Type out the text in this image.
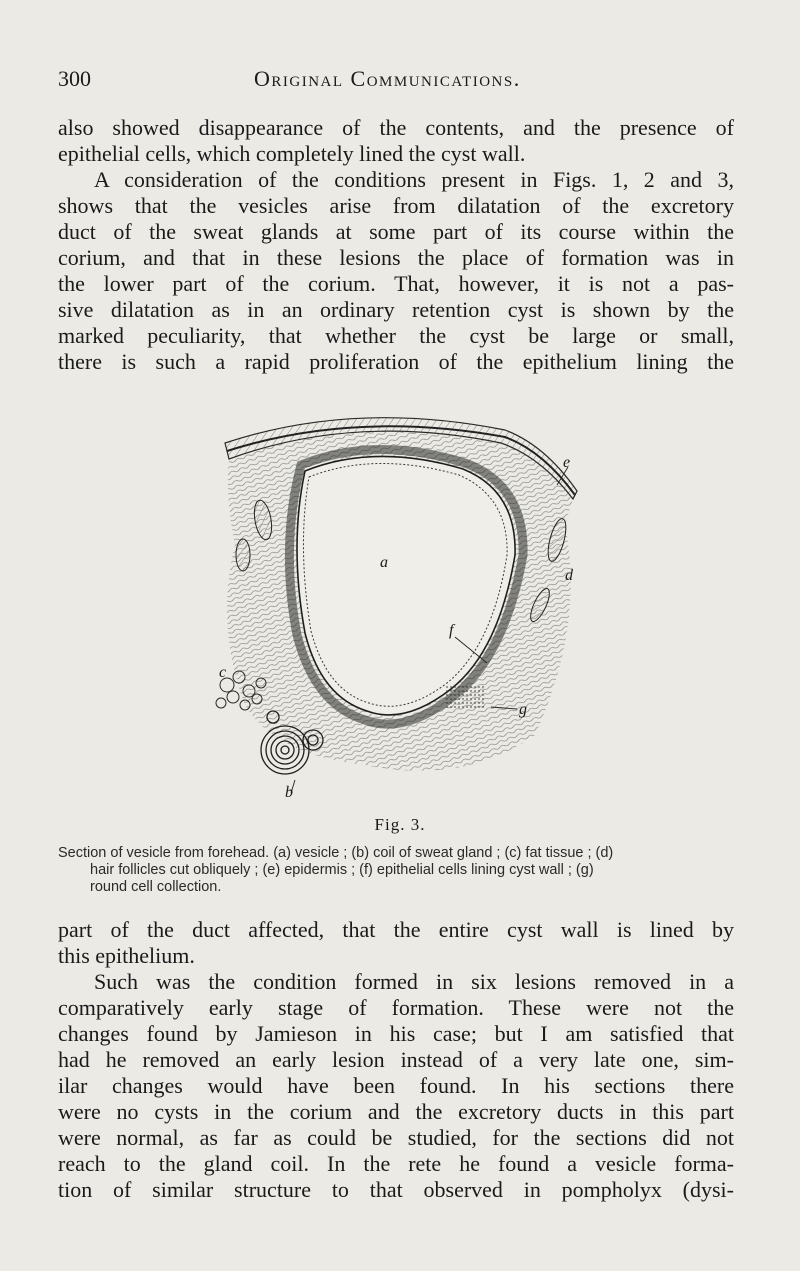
300	Original Communications.
also showed disappearance of the contents, and the presence of
epithelial cells, which completely lined the cyst wall.
A consideration of the conditions present in Figs. 1, 2 and 3,
shows that the vesicles arise from dilatation of the excretory
duct of the sweat glands at some part of its course within the
corium, and that in these lesions the place of formation was in
the lower part of the corium. That, however, it is not a pas-
sive dilatation as in an ordinary retention cyst is shown by the
marked peculiarity, that whether the cyst be large or small,
there is such a rapid proliferation of the epithelium lining the
a
b
c
d
e
f
g
Fig. 3.
Section of vesicle from forehead. (a) vesicle ; (b) coil of sweat gland ; (c) fat tissue ; (d)
hair follicles cut obliquely ; (e) epidermis ; (f) epithelial cells lining cyst wall ; (g)
round cell collection.
part of the duct affected, that the entire cyst wall is lined by
this epithelium.
Such was the condition formed in six lesions removed in a
comparatively early stage of formation. These were not the
changes found by Jamieson in his case; but I am satisfied that
had he removed an early lesion instead of a very late one, sim-
ilar changes would have been found. In his sections there
were no cysts in the corium and the excretory ducts in this part
were normal, as far as could be studied, for the sections did not
reach to the gland coil. In the rete he found a vesicle forma-
tion of similar structure to that observed in pompholyx (dysi-
